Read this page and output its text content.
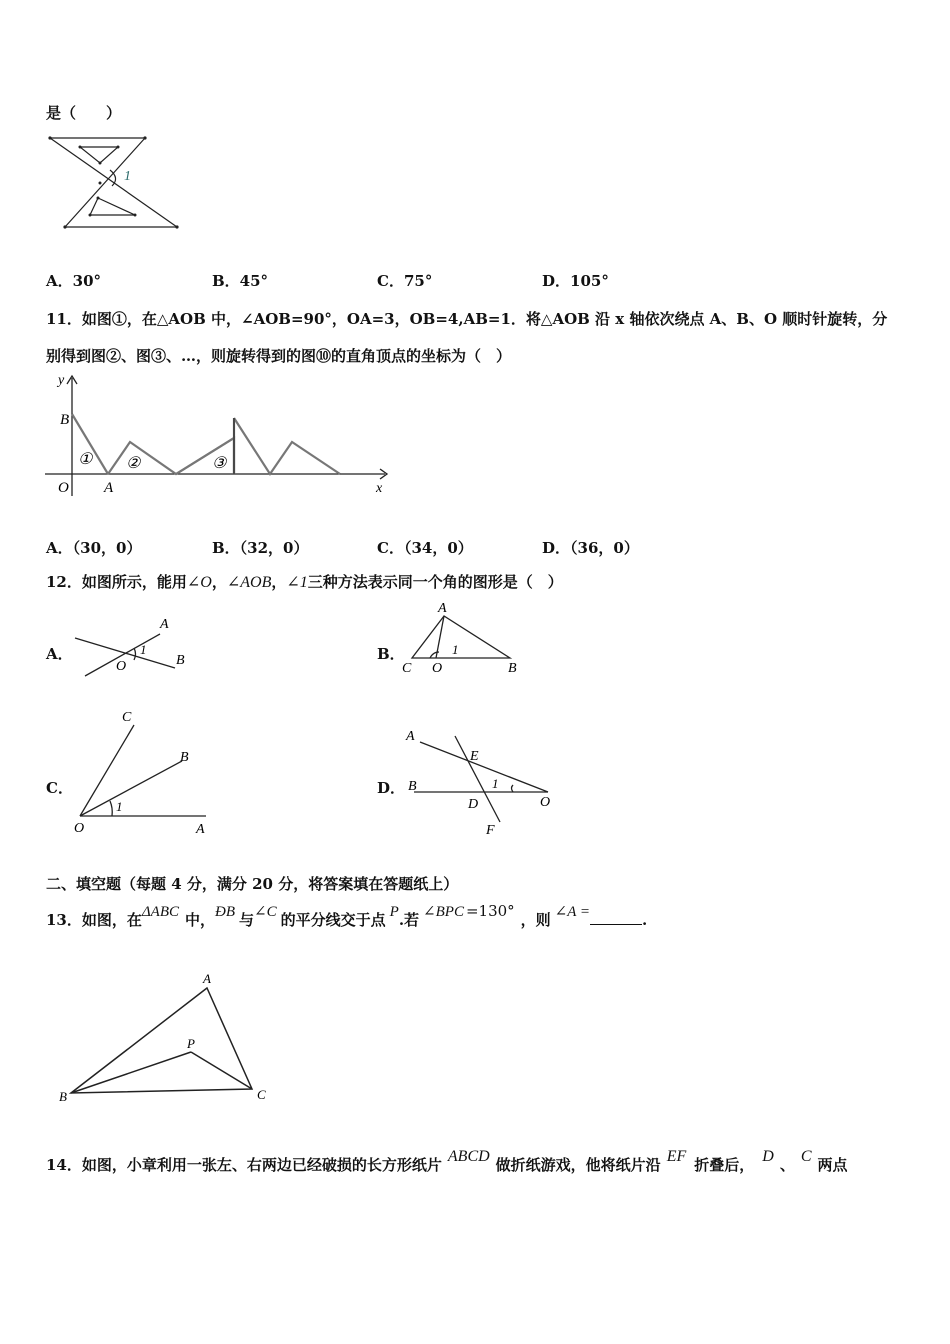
是（　　）
1
A．30°	B．45°	C．75°	D．105°
11．如图①，在△AOB 中，∠AOB=90°，OA=3，OB=4,AB=1．将△AOB 沿 x 轴依次绕点 A、B、O 顺时针旋转，分
别得到图②、图③、…，则旋转得到的图⑩的直角顶点的坐标为（　）
y
B
O A	x
① ②	③
A．（30，0）	B．（32，0）	C．（34，0）	D．（36，0）
12．如图所示，能用∠O，∠AOB，∠1三种方法表示同一个角的图形是（　）
A．
A
O	B
1	B．
A
C O	B
1
C．
C
B
O	A
1
D．
A
E
B
D	O
F
1
二、填空题（每题 4 分，满分 20 分，将答案填在答题纸上）
13．如图，在ΔABC 中，ÐB 与∠C 的平分线交于点 P.若 ∠BPC =130° ，则 ∠A =	.
A
P
B	C
14．如图，小章利用一张左、右两边已经破损的长方形纸片 ABCD 做折纸游戏，他将纸片沿 EF 折叠后， D 、 C 两点
